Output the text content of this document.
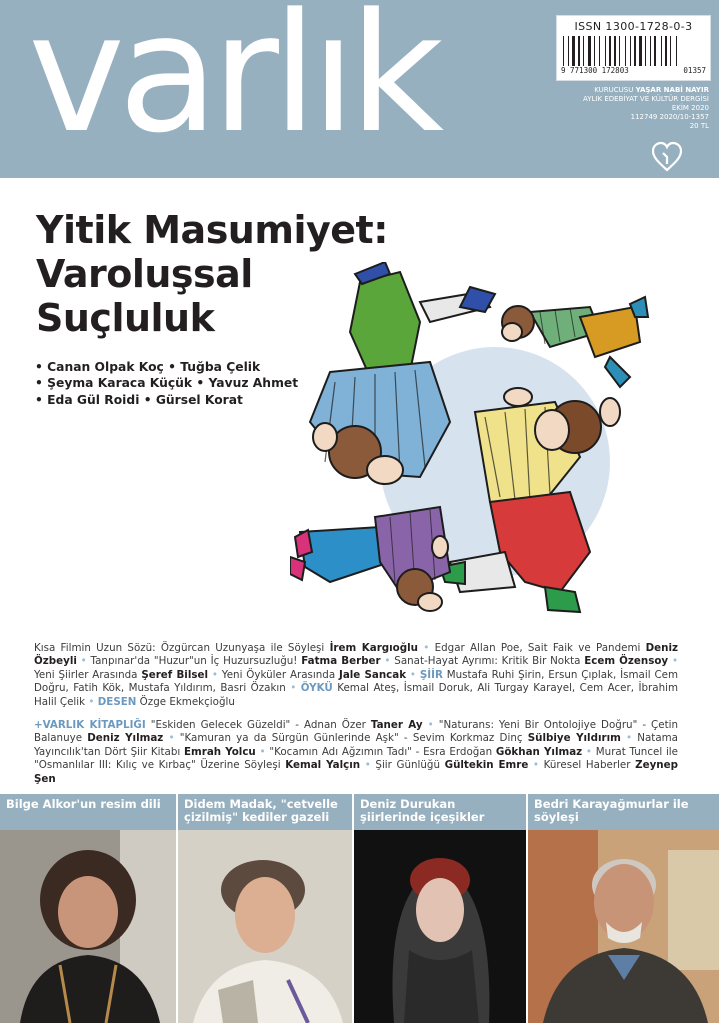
varlık	ISSN 1300-1728-0-3
9 771300 172803	01357
KURUCUSU YAŞAR NABİ NAYIR
AYLIK EDEBİYAT VE KÜLTÜR DERGİSİ
EKİM 2020
112749 2020/10-1357
20 TL
Yitik Masumiyet:
Varoluşsal
Suçluluk
• Canan Olpak Koç • Tuğba Çelik
• Şeyma Karaca Küçük • Yavuz Ahmet
• Eda Gül Roidi • Gürsel Korat

Kısa Filmin Uzun Sözü: Özgürcan Uzunyaşa ile Söyleşi İrem Kargıoğlu • Edgar Allan Poe, Sait Faik ve Pandemi Deniz Özbeyli • Tanpınar'da "Huzur"un İç Huzursuzluğu! Fatma Berber • Sanat-Hayat Ayrımı: Kritik Bir Nokta Ecem Özensoy • Yeni Şiirler Arasında Şeref Bilsel • Yeni Öyküler Arasında Jale Sancak • ŞİİR Mustafa Ruhi Şirin, Ersun Çıplak, İsmail Cem Doğru, Fatih Kök, Mustafa Yıldırım, Basri Özakın • ÖYKÜ Kemal Ateş, İsmail Doruk, Ali Turgay Karayel, Cem Acer, İbrahim Halil Çelik • DESEN Özge Ekmekçioğlu

+VARLIK KİTAPLIĞI "Eskiden Gelecek Güzeldi" - Adnan Özer Taner Ay • "Naturans: Yeni Bir Ontolojiye Doğru" - Çetin Balanuye Deniz Yılmaz • "Kamuran ya da Sürgün Günlerinde Aşk" - Sevim Korkmaz Dinç Sülbiye Yıldırım • Natama Yayıncılık'tan Dört Şiir Kitabı Emrah Yolcu • "Kocamın Adı Ağzımın Tadı" - Esra Erdoğan Gökhan Yılmaz • Murat Tuncel ile "Osmanlılar III: Kılıç ve Kırbaç" Üzerine Söyleşi Kemal Yalçın • Şiir Günlüğü Gültekin Emre • Küresel Haberler Zeynep Şen

Bilge Alkor'un resim dili	Didem Madak, "cetvelle çizilmiş" kediler gazeli
Deniz Durukan şiirlerinde içeşikler
Bedri Karayağmurlar ile söyleşi
